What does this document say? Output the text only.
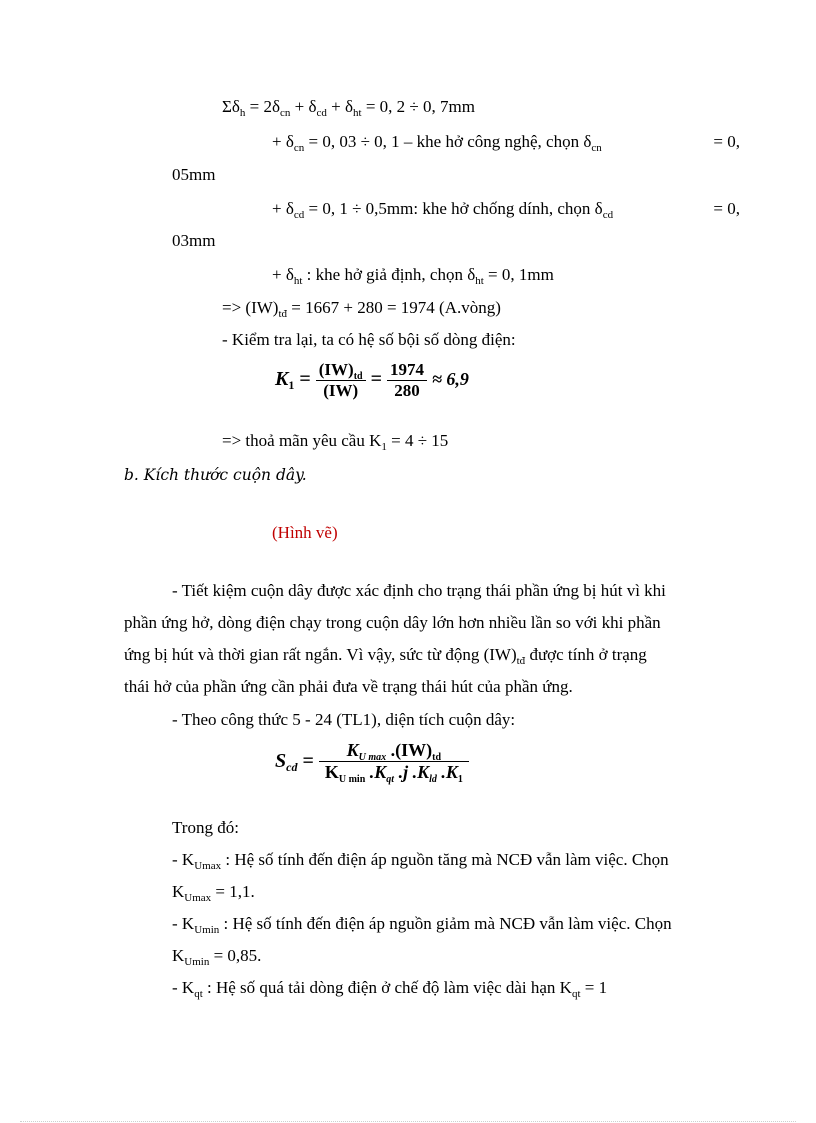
$\Sigma\delta_h = 2\delta_{cn} + \delta_{cd} + \delta_{ht} = 0$, 2 ÷ 0, 7mm
+ $\delta_{cn} = 0$, 03 ÷ 0, 1 – khe hở công nghệ, chọn $\delta_{cn}$	= 0,
05mm
+ $\delta_{cd} = 0$, 1 ÷ 0,5mm: khe hở chống dính, chọn $\delta_{cd}$	= 0,
03mm
+ $\delta_{ht}$ : khe hở giả định, chọn $\delta_{ht} = 0$, 1mm
=> $(IW)_{tđ} = 1667 + 280 = 1974$ (A.vòng)
- Kiểm tra lại, ta có hệ số bội số dòng điện:
$K_1 = \frac{(IW)_{td}}{(IW)} = \frac{1974}{280} \approx 6,9$
=> thoả mãn yêu cầu $K_1 = 4 \div 15$
b. Kích thước cuộn dây.
(Hình vẽ)
- Tiết kiệm cuộn dây được xác định cho trạng thái phần ứng bị hút vì khi
phần ứng hở, dòng điện chạy trong cuộn dây lớn hơn nhiều lần so với khi phần
ứng bị hút và thời gian rất ngắn. Vì vậy, sức từ động $(IW)_{tđ}$ được tính ở trạng
thái hở của phần ứng cần phải đưa về trạng thái hút của phần ứng.
- Theo công thức 5 - 24 (TL1), diện tích cuộn dây:
$S_{cd} = \frac{K_{U max} .(IW)_{td}}{K_{U min} .K_{qt} .j .K_{ld} .K_1}$
Trong đó:
- $K_{Umax}$ : Hệ số tính đến điện áp nguồn tăng mà NCĐ vẫn làm việc. Chọn
$K_{Umax} = 1,1$.
- $K_{Umin}$ : Hệ số tính đến điện áp nguồn giảm mà NCĐ vẫn làm việc. Chọn
$K_{Umin} = 0,85$.
- $K_{qt}$ : Hệ số quá tải dòng điện ở chế độ làm việc dài hạn $K_{qt} = 1$
